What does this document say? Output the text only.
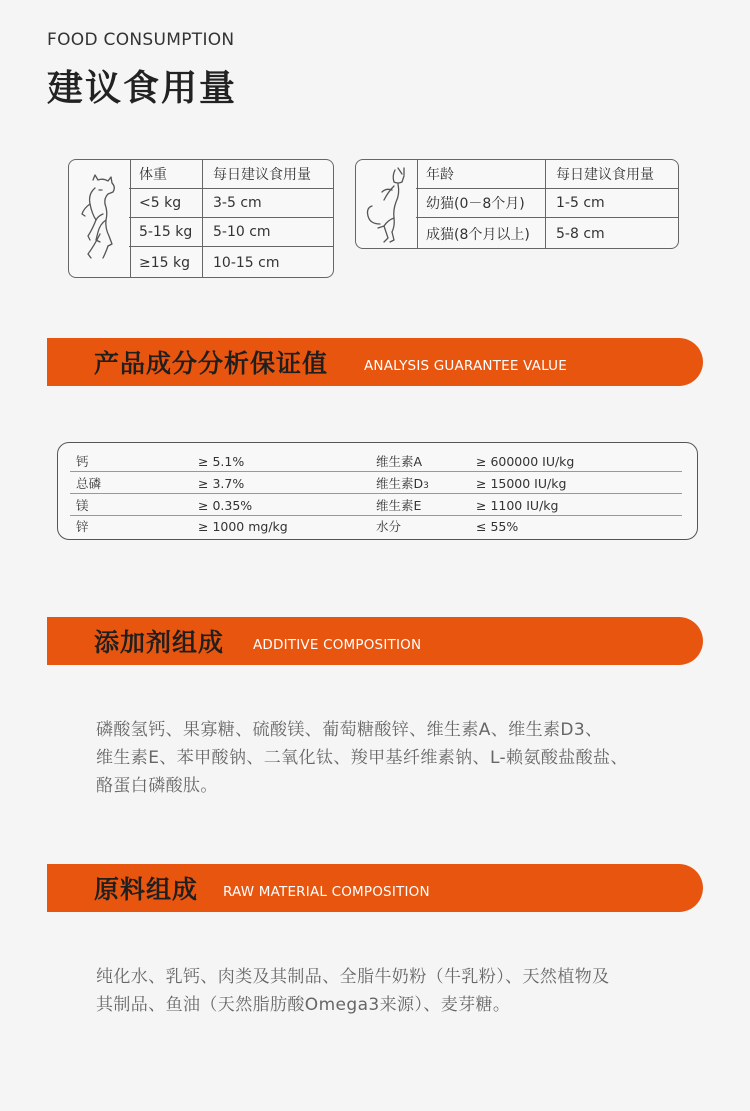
FOOD CONSUMPTION
建议食用量
体重	每日建议食用量
<5 kg	3-5 cm
5-15 kg	5-10 cm
≥15 kg	10-15 cm
年龄	每日建议食用量
幼猫(0－8个月)	1-5 cm
成猫(8个月以上)	5-8 cm
产品成分分析保证值	ANALYSIS GUARANTEE VALUE
钙	≥ 5.1%	维生素A	≥ 600000 IU/kg
总磷	≥ 3.7%	维生素D 3	≥ 15000 IU/kg
镁	≥ 0.35%	维生素E	≥ 1100 IU/kg
锌	≥ 1000 mg/kg	水分	≤ 55%
添加剂组成 ADDITIVE COMPOSITION
磷酸氢钙、果寡糖、硫酸镁、葡萄糖酸锌、维生素A、维生素D3、
维生素E、苯甲酸钠、二氧化钛、羧甲基纤维素钠、L-赖氨酸盐酸盐、
酪蛋白磷酸肽。
原料组成 RAW MATERIAL COMPOSITION
纯化水、乳钙、肉类及其制品、全脂牛奶粉（牛乳粉）、天然植物及
其制品、鱼油（天然脂肪酸Omega3来源）、麦芽糖。
